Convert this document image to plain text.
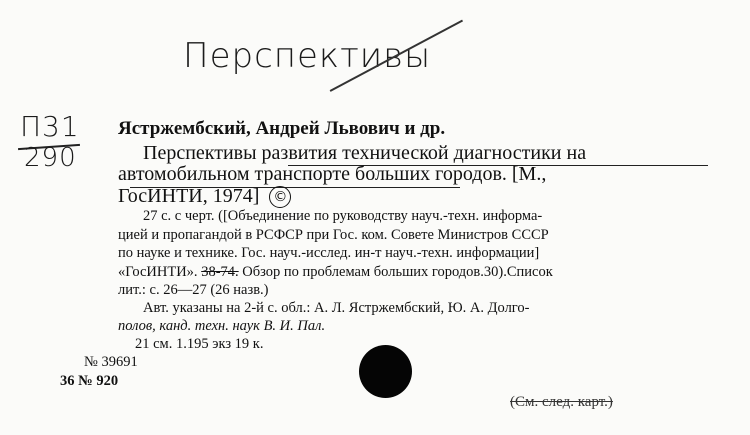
Перспективы
П31
290
Ястржембский, Андрей Львович и др.
Перспективы развития технической диагностики на
автомобильном транспорте больших городов. [М.,
ГосИНТИ, 1974] ©
27 с. с черт. ([Объединение по руководству науч.-техн. информа-
цией и пропагандой в РСФСР при Гос. ком. Совете Министров СССР
по науке и технике. Гос. науч.-исслед. ин-т науч.-техн. информации]
«ГосИНТИ». 38-74. Обзор по проблемам больших городов.30).Список
лит.: с. 26—27 (26 назв.)
Авт. указаны на 2-й с. обл.: А. Л. Ястржембский, Ю. А. Долго-
полов, канд. техн. наук В. И. Пал.
21 см. 1.195 экз 19 к.
№ 39691
36 № 920
(См. след. карт.)
